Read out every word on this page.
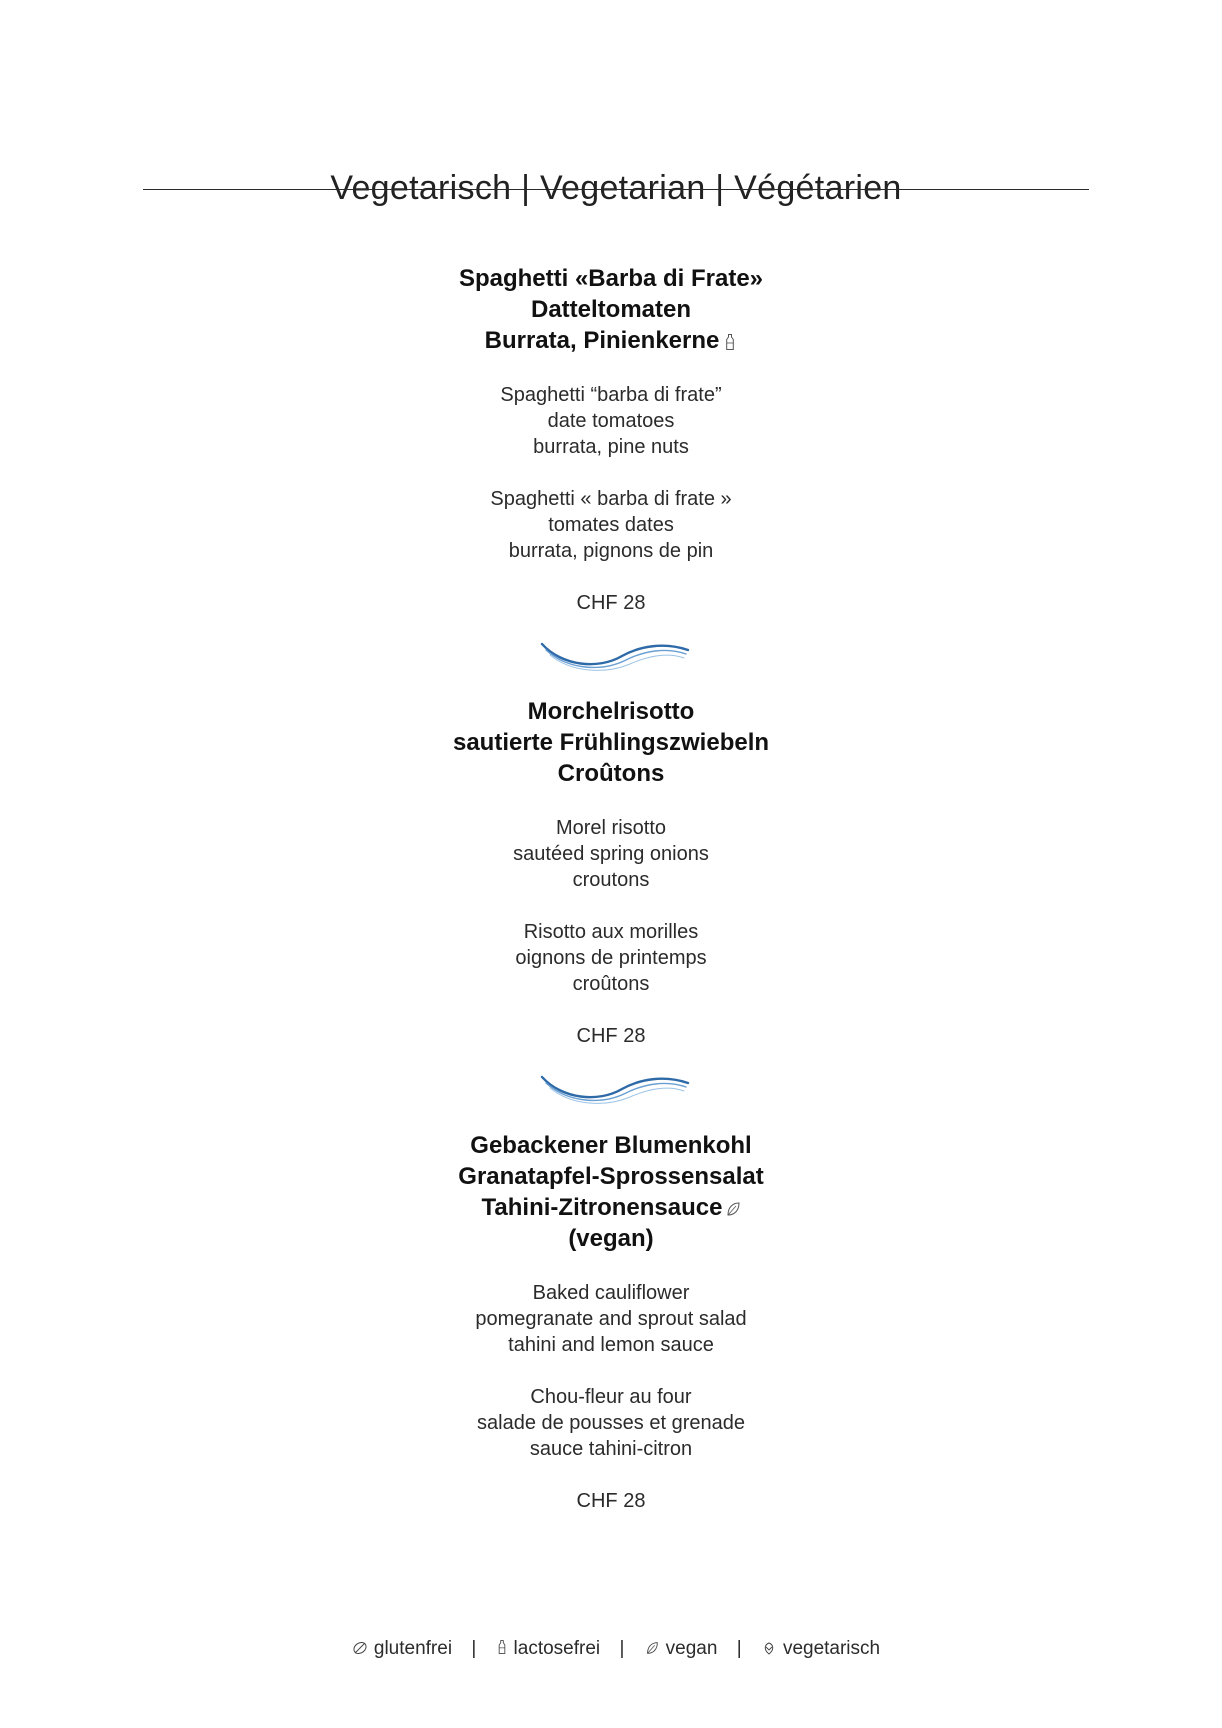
Vegetarisch | Vegetarian | Végétarien
Spaghetti «Barba di Frate»
Datteltomaten
Burrata, Pinienkerne
Spaghetti “barba di frate”
date tomatoes
burrata, pine nuts
Spaghetti « barba di frate »
tomates dates
burrata, pignons de pin
CHF 28
Morchelrisotto
sautierte Frühlingszwiebeln
Croûtons
Morel risotto
sautéed spring onions
croutons
Risotto aux morilles
oignons de printemps
croûtons
CHF 28
Gebackener Blumenkohl
Granatapfel-Sprossensalat
Tahini-Zitronensauce
(vegan)
Baked cauliflower
pomegranate and sprout salad
tahini and lemon sauce
Chou-fleur au four
salade de pousses et grenade
sauce tahini-citron
CHF 28
glutenfrei | lactosefrei | vegan | vegetarisch
